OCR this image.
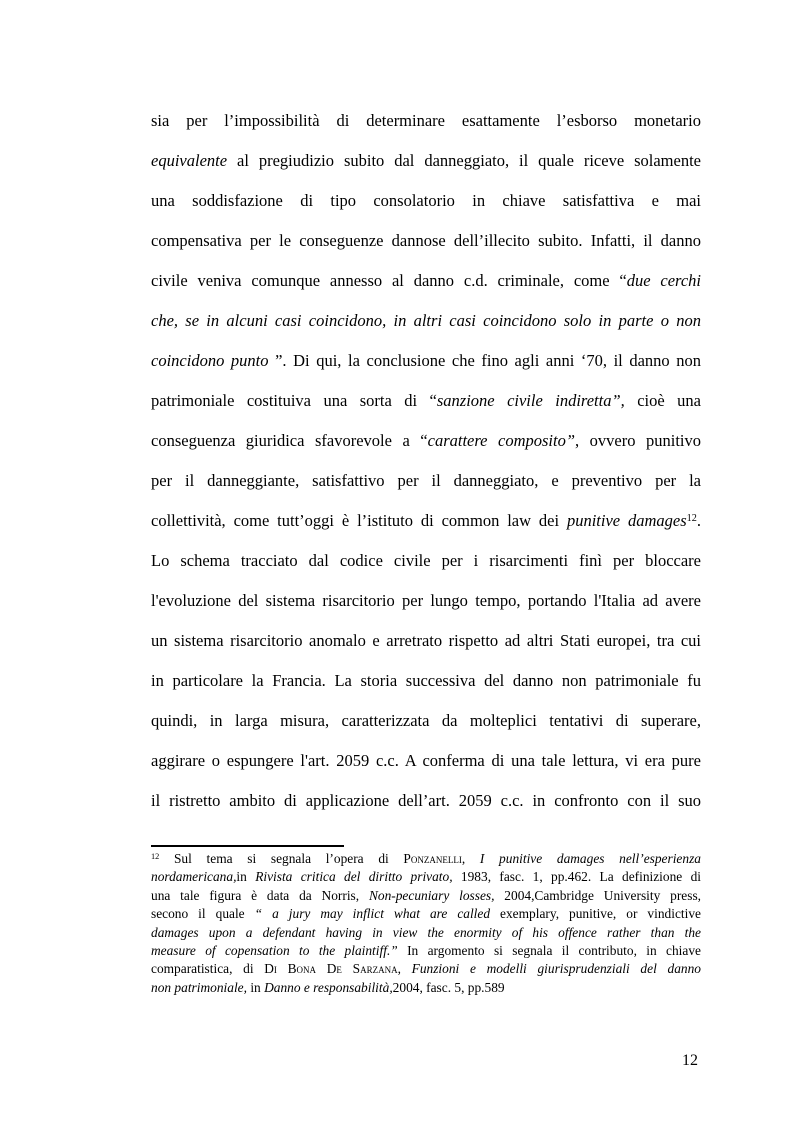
sia per l’impossibilità di determinare esattamente l’esborso monetario
equivalente al pregiudizio subito dal danneggiato, il quale riceve solamente
una soddisfazione di tipo consolatorio in chiave satisfattiva e mai
compensativa per le conseguenze dannose dell’illecito subito. Infatti, il danno
civile veniva comunque annesso al danno c.d. criminale, come “due cerchi
che, se in alcuni casi coincidono, in altri casi coincidono solo in parte o non
coincidono punto ”. Di qui, la conclusione che fino agli anni ‘70, il danno non
patrimoniale costituiva una sorta di “sanzione civile indiretta”, cioè una
conseguenza giuridica sfavorevole a “carattere composito”, ovvero punitivo
per il danneggiante, satisfattivo per il danneggiato, e preventivo per la
collettività, come tutt’oggi è l’istituto di common law dei punitive damages$^{12}$.
Lo schema tracciato dal codice civile per i risarcimenti finì per bloccare
l'evoluzione del sistema risarcitorio per lungo tempo, portando l'Italia ad avere
un sistema risarcitorio anomalo e arretrato rispetto ad altri Stati europei, tra cui
in particolare la Francia. La storia successiva del danno non patrimoniale fu
quindi, in larga misura, caratterizzata da molteplici tentativi di superare,
aggirare o espungere l'art. 2059 c.c. A conferma di una tale lettura, vi era pure
il ristretto ambito di applicazione dell’art. 2059 c.c. in confronto con il suo
$^{12}$ Sul tema si segnala l’opera di Ponzanelli, I punitive damages nell’esperienza
nordamericana,in Rivista critica del diritto privato, 1983, fasc. 1, pp.462. La definizione di
una tale figura è data da Norris, Non-pecuniary losses, 2004,Cambridge University press,
secono il quale “ a jury may inflict what are called exemplary, punitive, or vindictive
damages upon a defendant having in view the enormity of his offence rather than the
measure of copensation to the plaintiff.” In argomento si segnala il contributo, in chiave
comparatistica, di Di Bona De Sarzana, Funzioni e modelli giurisprudenziali del danno
non patrimoniale, in Danno e responsabilità,2004, fasc. 5, pp.589
12
